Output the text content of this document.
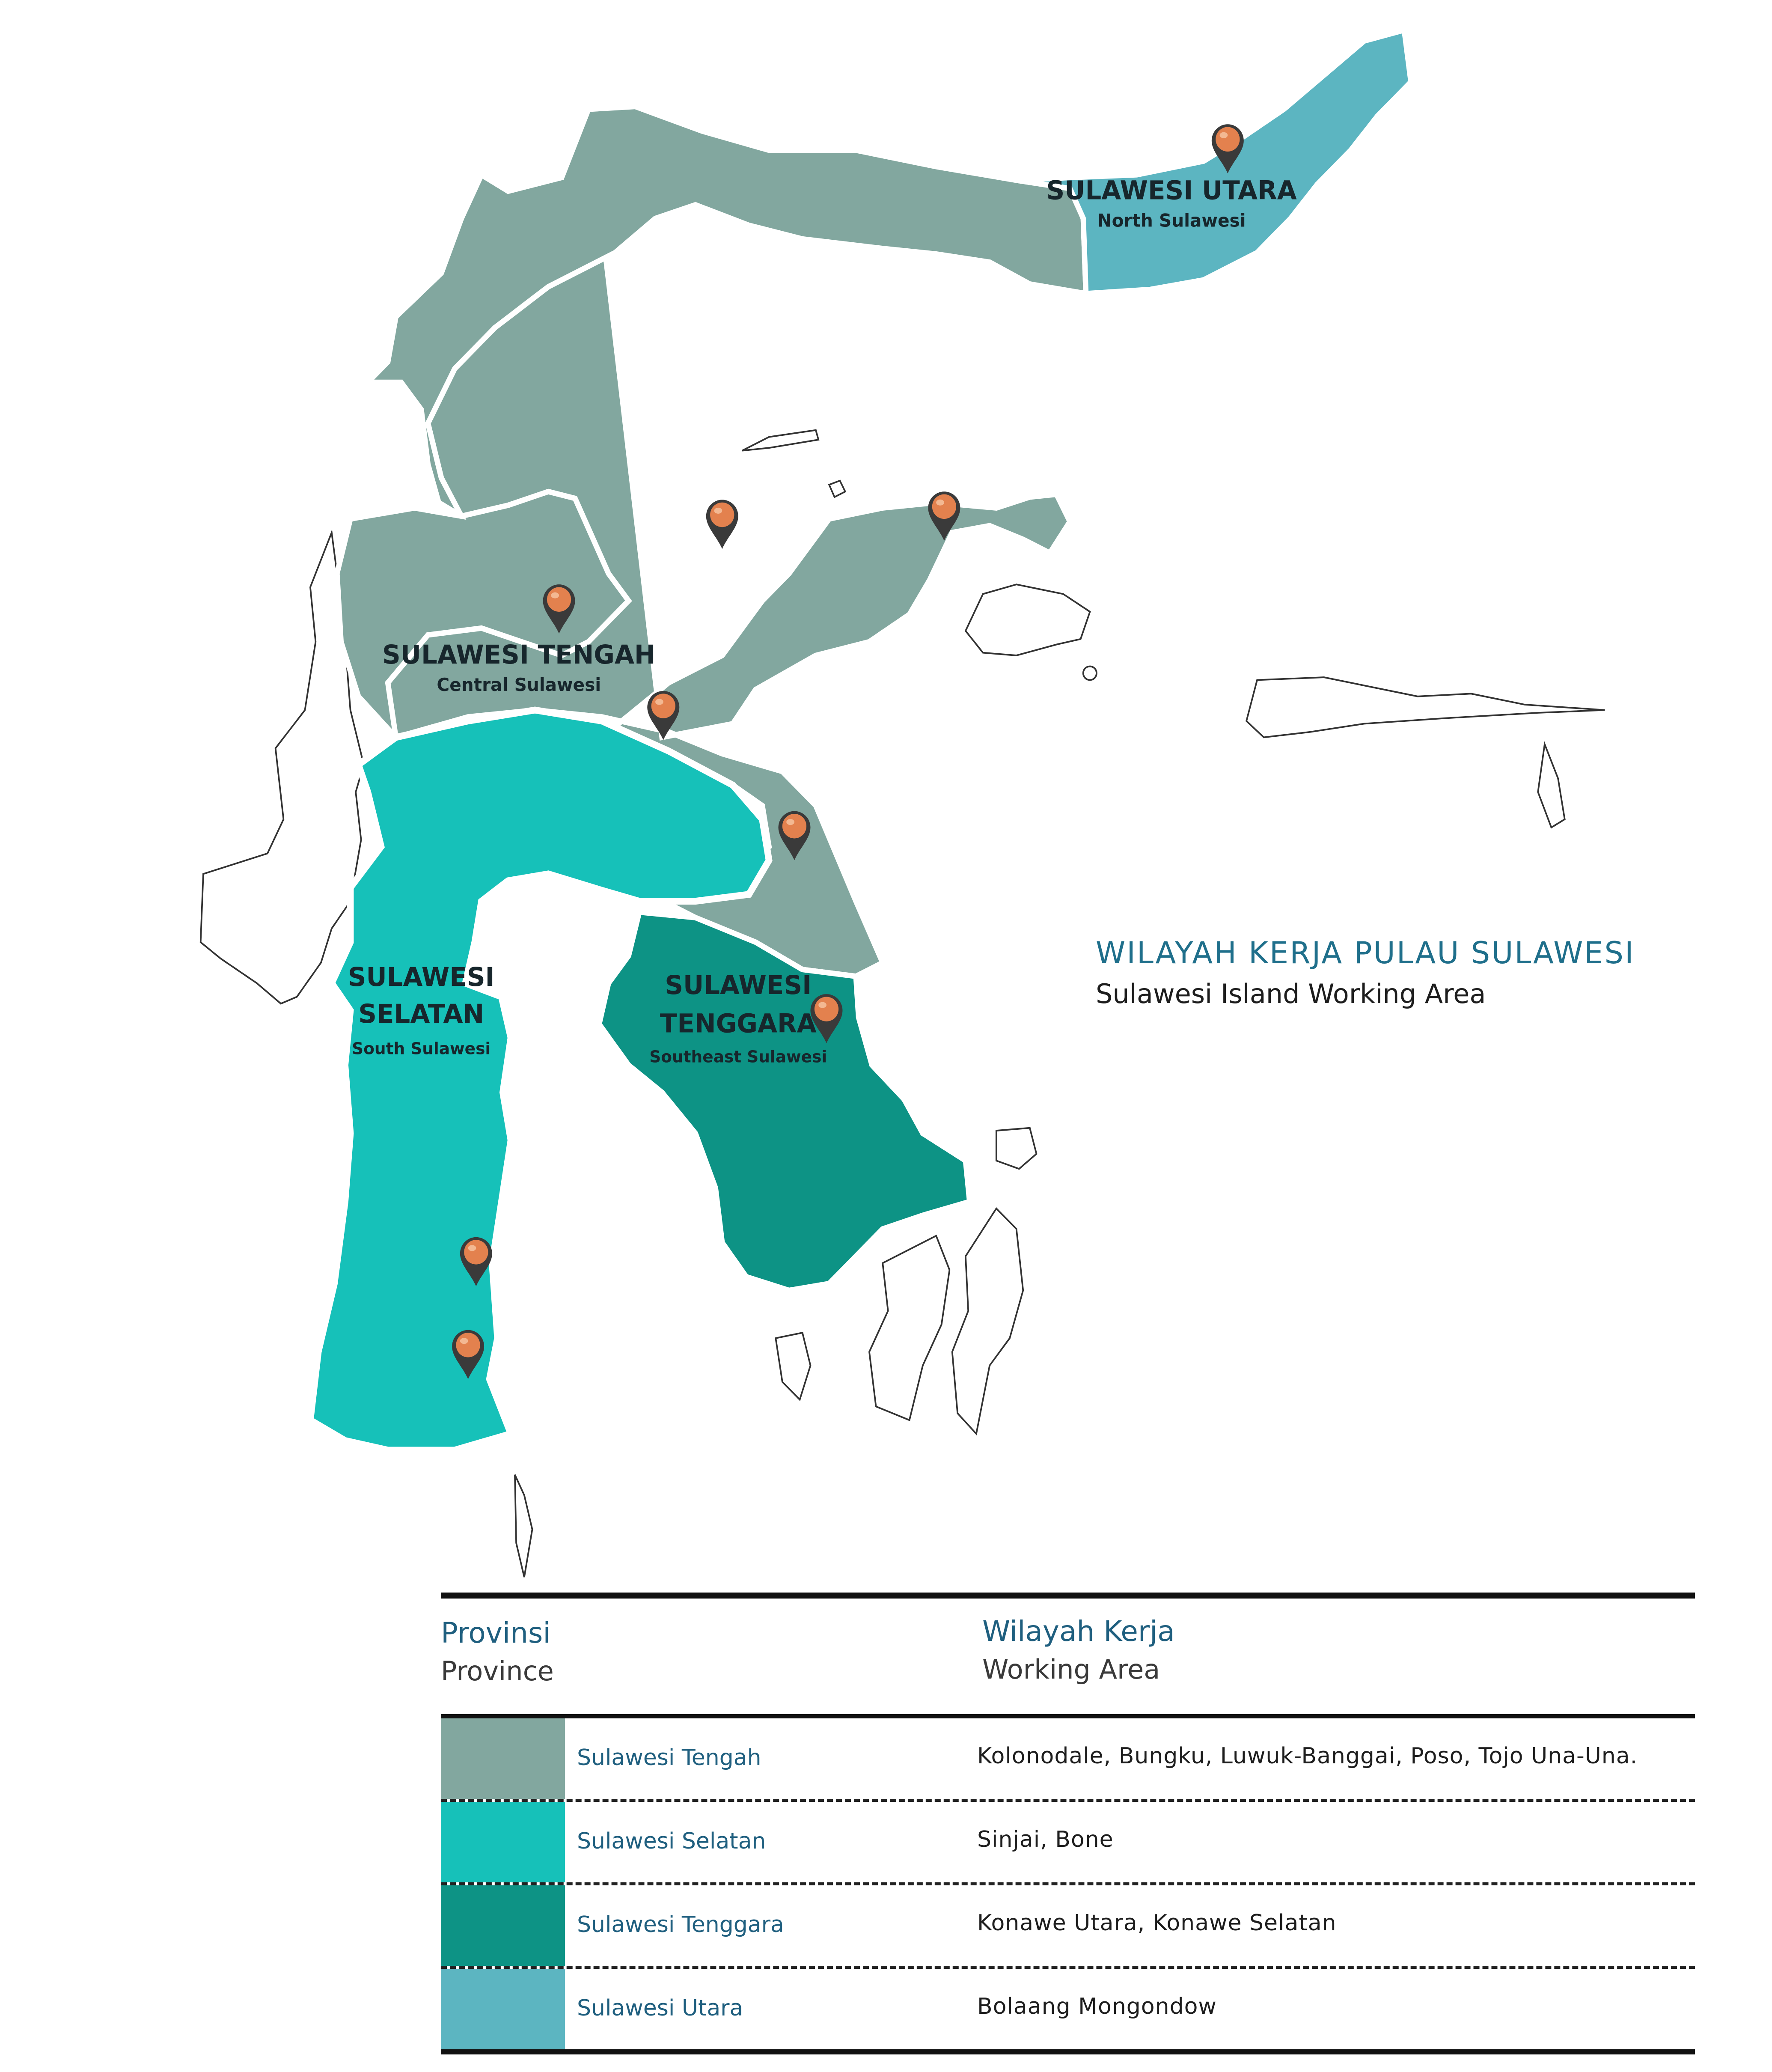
SULAWESI UTARA
North Sulawesi
SULAWESI TENGAH
Central Sulawesi
SULAWESI
SELATAN
South Sulawesi
SULAWESI
TENGGARA
Southeast Sulawesi
WILAYAH KERJA PULAU SULAWESI
Sulawesi Island Working Area
Provinsi
Province
Wilayah Kerja
Working Area
Sulawesi Tengah	Kolonodale, Bungku, Luwuk-Banggai, Poso, Tojo Una-Una.
Sulawesi Selatan	Sinjai, Bone
Sulawesi Tenggara	Konawe Utara, Konawe Selatan
Sulawesi Utara	Bolaang Mongondow
